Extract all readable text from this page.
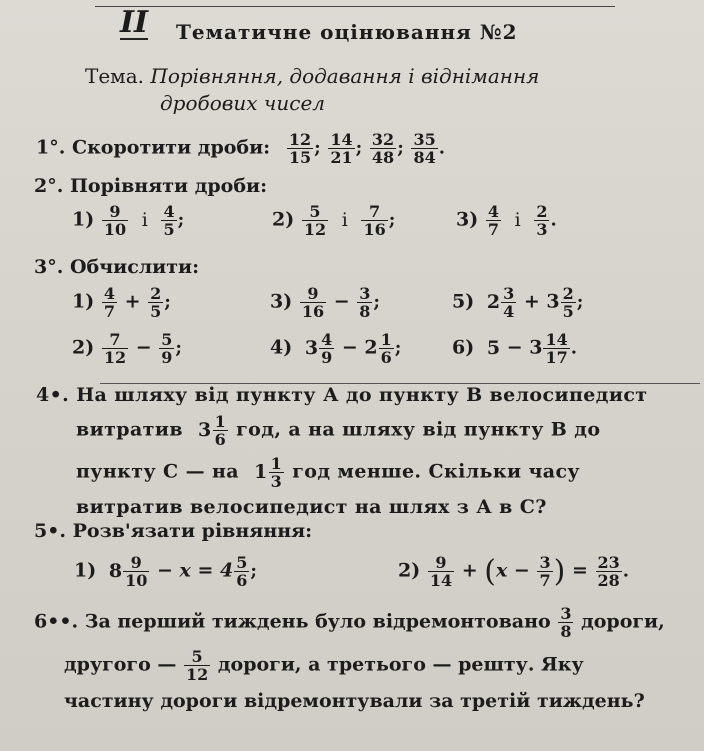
II Тематичне оцінювання №2
Тема. Порівняння, додавання і віднімання
дробових чисел
1°. Скоротити дроби: $\frac{12}{15}$ ; $\frac{14}{21}$ ; $\frac{32}{48}$ ; $\frac{35}{84}$ .
2°. Порівняти дроби:
$1) \frac{9}{10}$ і $\frac{4}{5}$ ;	$2) \frac{5}{12}$ і $\frac{7}{16}$ ;	$3) \frac{4}{7}$ і $\frac{2}{3}$ .
3°. Обчислити:
$1) \frac{4}{7} + \frac{2}{5}$ ;	$3) \frac{9}{16} - \frac{3}{8}$ ;	5) $2 \frac{3}{4} + 3 \frac{2}{5}$ ;
$2) \frac{7}{12} - \frac{5}{9}$ ;	4) $3 \frac{4}{9} - 2 \frac{1}{6}$ ;	6) $5 - 3 \frac{14}{17}$ .
4•. На шляху від пункту А до пункту В велосипедист
витратив $3 \frac{1}{6}$ год, а на шляху від пункту В до
пункту С — на $1 \frac{1}{3}$ год менше. Скільки часу
витратив велосипедист на шлях з А в С?
5•. Розв'язати рівняння:
1) $8 \frac{9}{10} - x = 4 \frac{5}{6}$ ;	$2) \frac{9}{14} + (x - \frac{3}{7}$ ) = $\frac{23}{28}$ .
6••. За перший тиждень було відремонтовано $\frac{3}{8}$ дороги,
другого — $\frac{5}{12}$ дороги, а третього — решту. Яку
частину дороги відремонтували за третій тиждень?
